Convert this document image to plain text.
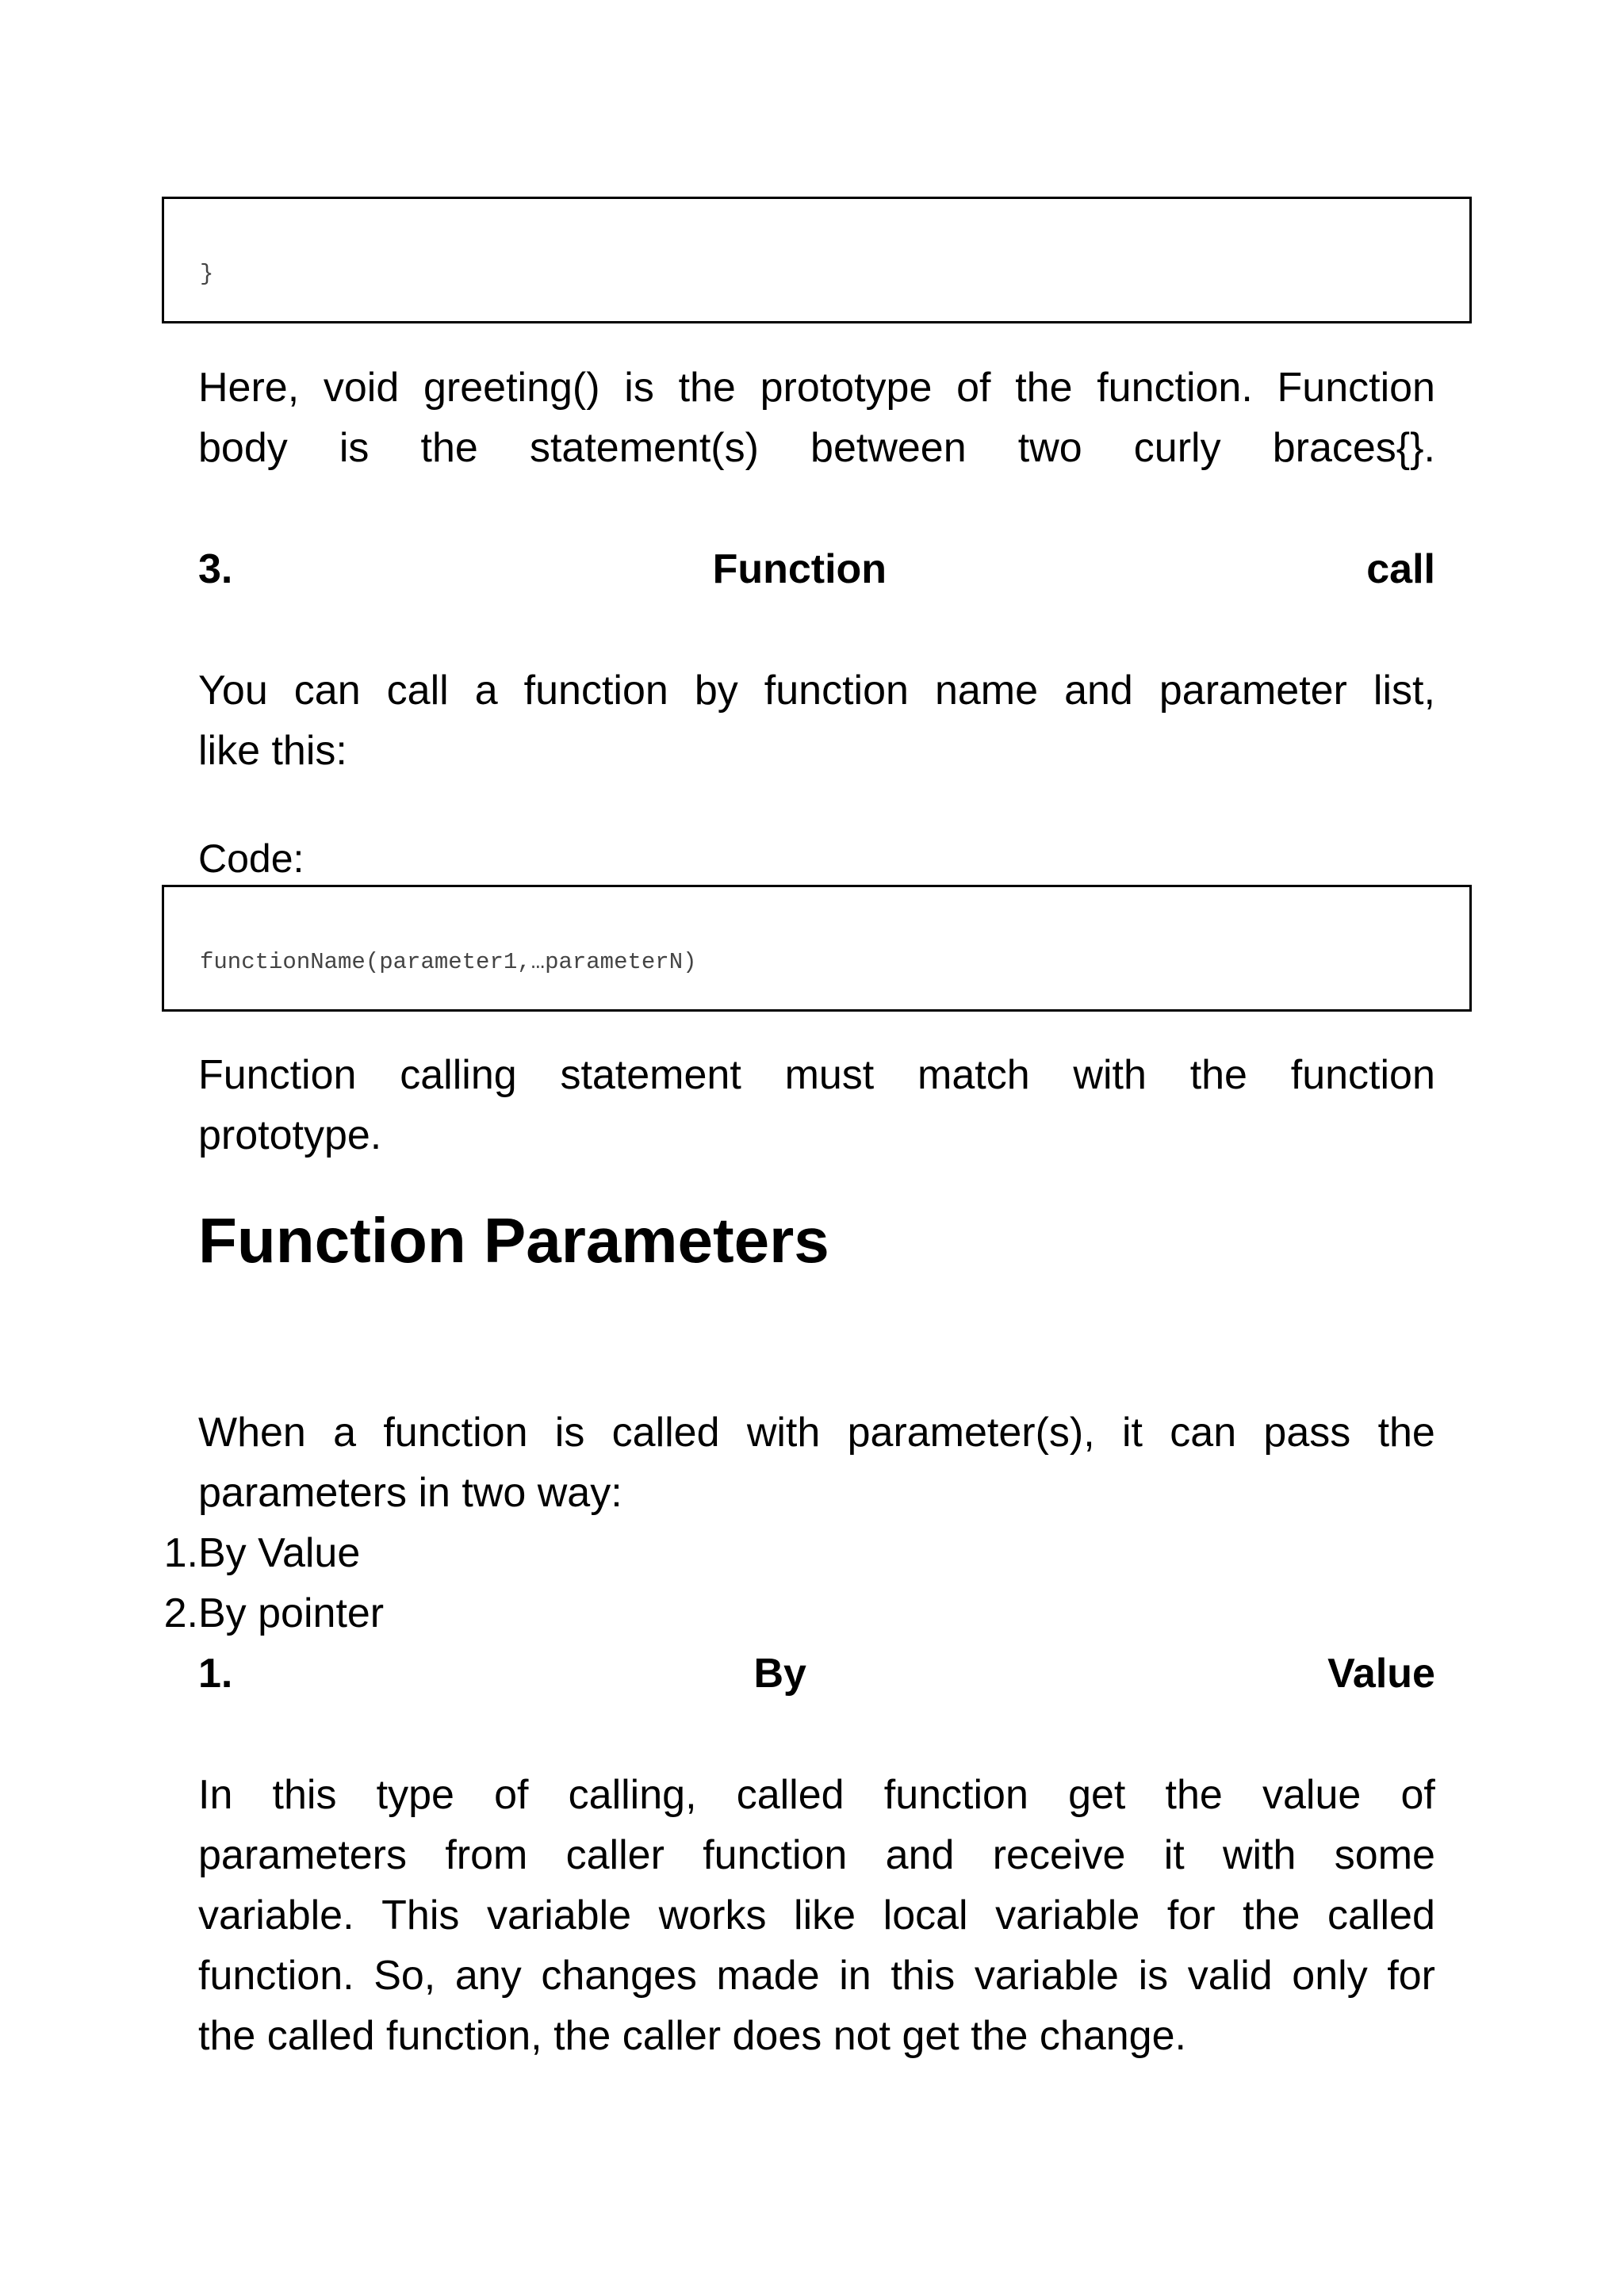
}
Here, void greeting() is the prototype of the function. Function
body is the statement(s) between two curly braces{}.
3.	Function	call
You can call a function by function name and parameter list,
like this:
Code:
functionName(parameter1,…parameterN)
Function calling statement must match with the function
prototype.
Function Parameters
When a function is called with parameter(s), it can pass the
parameters in two way:
1. By Value
2. By pointer
1.	By	Value
In this type of calling, called function get the value of
parameters from caller function and receive it with some
variable. This variable works like local variable for the called
function. So, any changes made in this variable is valid only for
the called function, the caller does not get the change.
